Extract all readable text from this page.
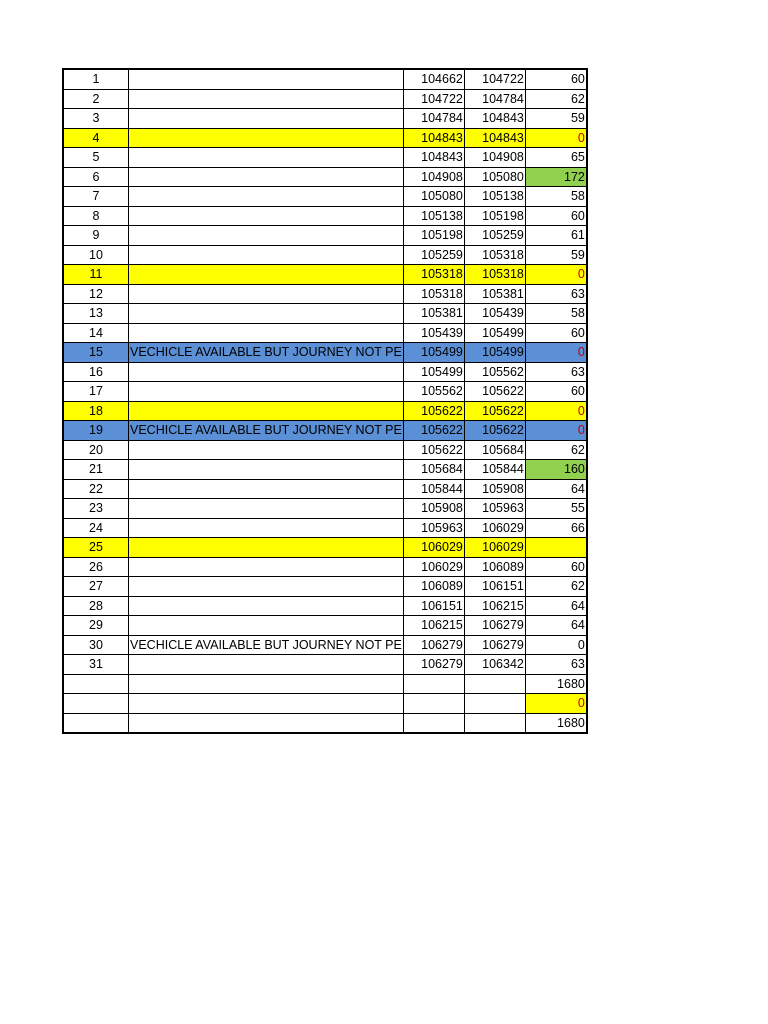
1		104662	104722	60
2		104722	104784	62
3		104784	104843	59
4		104843	104843	0
5		104843	104908	65
6		104908	105080	172
7		105080	105138	58
8		105138	105198	60
9		105198	105259	61
10		105259	105318	59
11		105318	105318	0
12		105318	105381	63
13		105381	105439	58
14		105439	105499	60
15	VECHICLE AVAILABLE BUT JOURNEY NOT PE	105499	105499	0
16		105499	105562	63
17		105562	105622	60
18		105622	105622	0
19	VECHICLE AVAILABLE BUT JOURNEY NOT PE	105622	105622	0
20		105622	105684	62
21		105684	105844	160
22		105844	105908	64
23		105908	105963	55
24		105963	106029	66
25		106029	106029	
26		106029	106089	60
27		106089	106151	62
28		106151	106215	64
29		106215	106279	64
30	VECHICLE AVAILABLE BUT JOURNEY NOT PE	106279	106279	0
31		106279	106342	63
				1680
				0
				1680
